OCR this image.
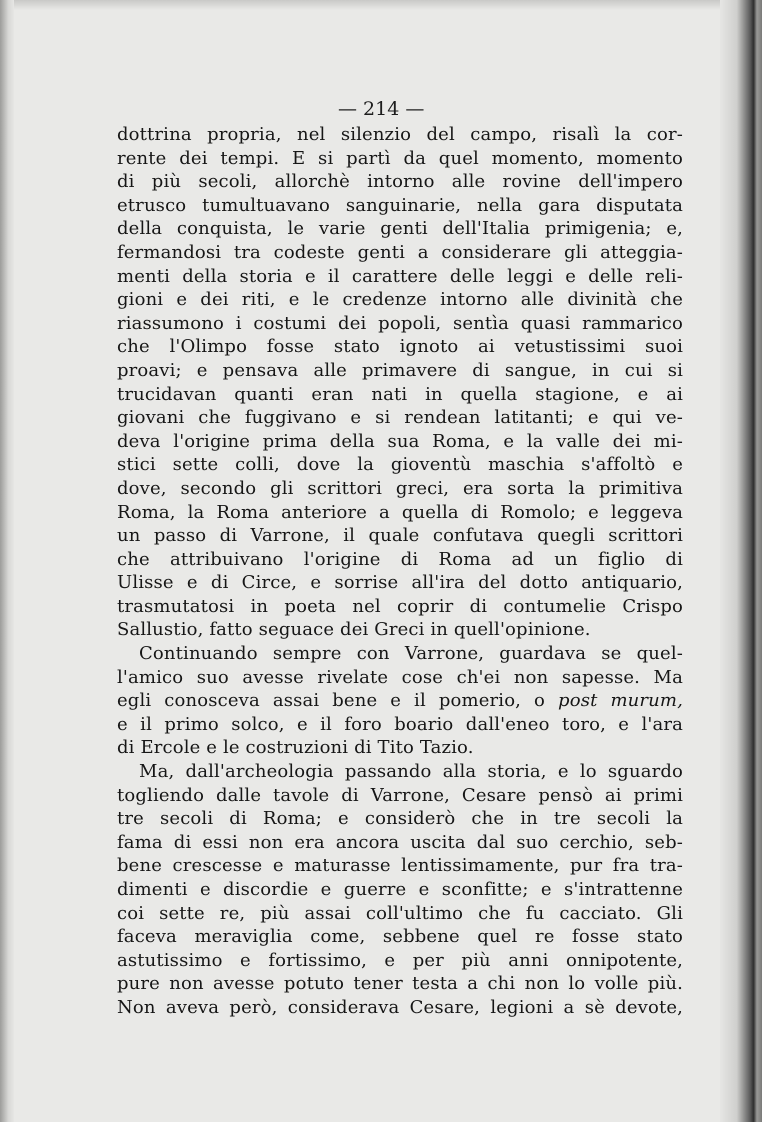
— 214 —
dottrina propria, nel silenzio del campo, risalì la cor-
rente dei tempi. E si partì da quel momento, momento
di più secoli, allorchè intorno alle rovine dell'impero
etrusco tumultuavano sanguinarie, nella gara disputata
della conquista, le varie genti dell'Italia primigenia; e,
fermandosi tra codeste genti a considerare gli atteggia-
menti della storia e il carattere delle leggi e delle reli-
gioni e dei riti, e le credenze intorno alle divinità che
riassumono i costumi dei popoli, sentìa quasi rammarico
che l'Olimpo fosse stato ignoto ai vetustissimi suoi
proavi; e pensava alle primavere di sangue, in cui si
trucidavan quanti eran nati in quella stagione, e ai
giovani che fuggivano e si rendean latitanti; e qui ve-
deva l'origine prima della sua Roma, e la valle dei mi-
stici sette colli, dove la gioventù maschia s'affoltò e
dove, secondo gli scrittori greci, era sorta la primitiva
Roma, la Roma anteriore a quella di Romolo; e leggeva
un passo di Varrone, il quale confutava quegli scrittori
che attribuivano l'origine di Roma ad un figlio di
Ulisse e di Circe, e sorrise all'ira del dotto antiquario,
trasmutatosi in poeta nel coprir di contumelie Crispo
Sallustio, fatto seguace dei Greci in quell'opinione.
Continuando sempre con Varrone, guardava se quel-
l'amico suo avesse rivelate cose ch'ei non sapesse. Ma
egli conosceva assai bene e il pomerio, o post murum,
e il primo solco, e il foro boario dall'eneo toro, e l'ara
di Ercole e le costruzioni di Tito Tazio.
Ma, dall'archeologia passando alla storia, e lo sguardo
togliendo dalle tavole di Varrone, Cesare pensò ai primi
tre secoli di Roma; e considerò che in tre secoli la
fama di essi non era ancora uscita dal suo cerchio, seb-
bene crescesse e maturasse lentissimamente, pur fra tra-
dimenti e discordie e guerre e sconfitte; e s'intrattenne
coi sette re, più assai coll'ultimo che fu cacciato. Gli
faceva meraviglia come, sebbene quel re fosse stato
astutissimo e fortissimo, e per più anni onnipotente,
pure non avesse potuto tener testa a chi non lo volle più.
Non aveva però, considerava Cesare, legioni a sè devote,
